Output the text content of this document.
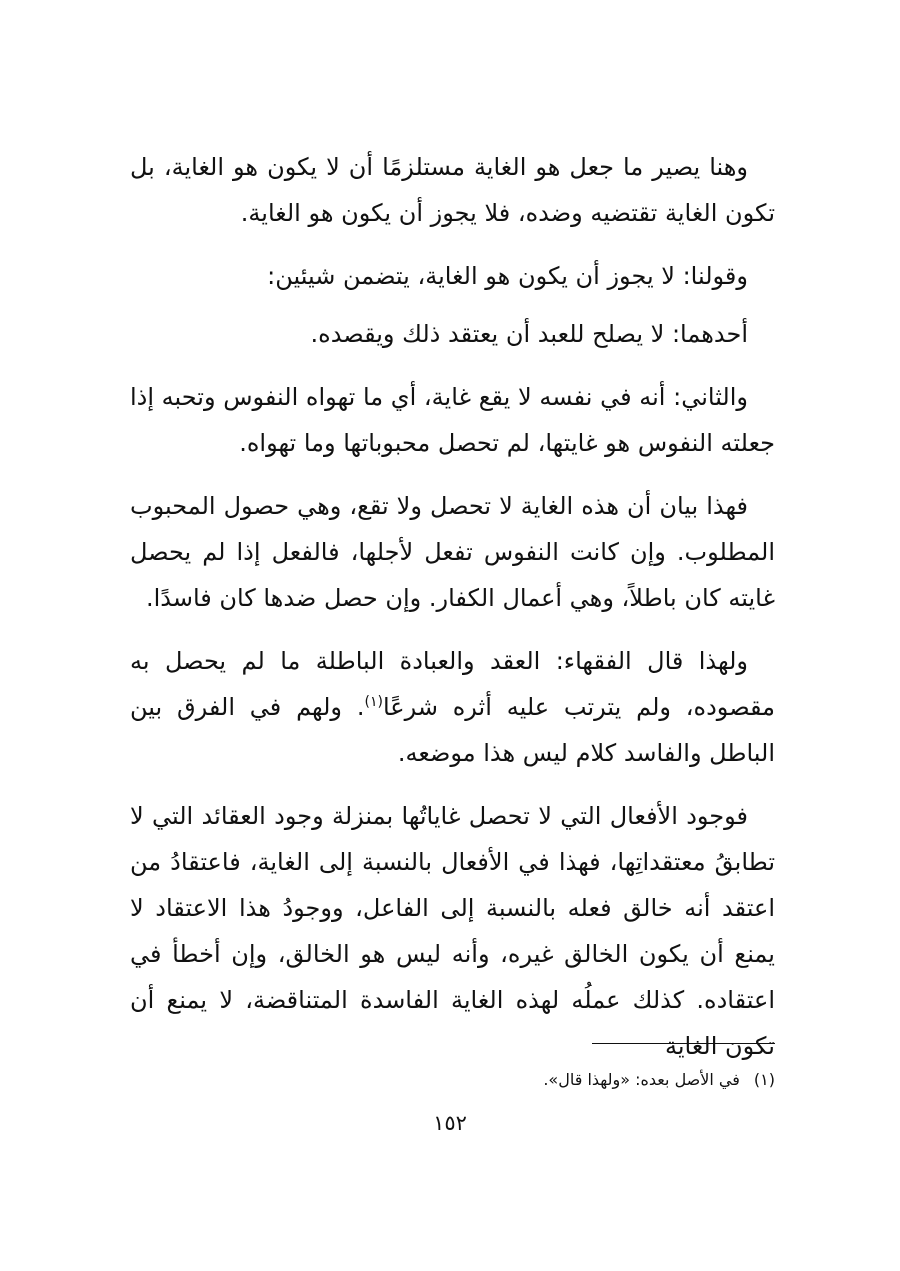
وهنا يصير ما جعل هو الغاية مستلزمًا أن لا يكون هو الغاية، بل تكون الغاية تقتضيه وضده، فلا يجوز أن يكون هو الغاية.

وقولنا: لا يجوز أن يكون هو الغاية، يتضمن شيئين:

أحدهما: لا يصلح للعبد أن يعتقد ذلك ويقصده.

والثاني: أنه في نفسه لا يقع غاية، أي ما تهواه النفوس وتحبه إذا جعلته النفوس هو غايتها، لم تحصل محبوباتها وما تهواه.

فهذا بيان أن هذه الغاية لا تحصل ولا تقع، وهي حصول المحبوب المطلوب. وإن كانت النفوس تفعل لأجلها، فالفعل إذا لم يحصل غايته كان باطلاً، وهي أعمال الكفار. وإن حصل ضدها كان فاسدًا.

ولهذا قال الفقهاء: العقد والعبادة الباطلة ما لم يحصل به مقصوده، ولم يترتب عليه أثره شرعًا$^{(١)}$. ولهم في الفرق بين الباطل والفاسد كلام ليس هذا موضعه.

فوجود الأفعال التي لا تحصل غاياتُها بمنزلة وجود العقائد التي لا تطابقُ معتقداتِها، فهذا في الأفعال بالنسبة إلى الغاية، فاعتقادُ من اعتقد أنه خالق فعله بالنسبة إلى الفاعل، ووجودُ هذا الاعتقاد لا يمنع أن يكون الخالق غيره، وأنه ليس هو الخالق، وإن أخطأ في اعتقاده. كذلك عملُه لهذه الغاية الفاسدة المتناقضة، لا يمنع أن تكون الغاية

(١)في الأصل بعده: «ولهذا قال».
١٥٢
